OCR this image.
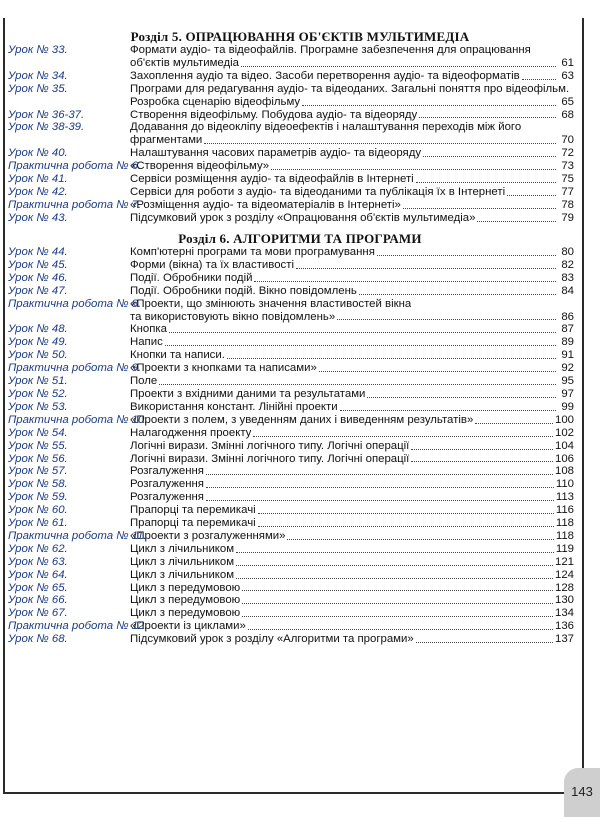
Розділ 5. ОПРАЦЮВАННЯ ОБ'ЄКТІВ МУЛЬТИМЕДІА
Урок № 33.	Формати аудіо- та відеофайлів. Програмне забезпечення для опрацювання
об'єктів мультимедіа	61
Урок № 34.	Захоплення аудіо та відео. Засоби перетворення аудіо- та відеоформатів	63
Урок № 35.	Програми для редагування аудіо- та відеоданих. Загальні поняття про відеофільм.
Розробка сценарію відеофільму	65
Урок № 36-37.	Створення відеофільму. Побудова аудіо- та відеоряду	68
Урок № 38-39.	Додавання до відеокліпу відеоефектів і налаштування переходів між його
фрагментами	70
Урок № 40.	Налаштування часових параметрів аудіо- та відеоряду	72
Практична робота № 6.
«Створення відеофільму»	73
Урок № 41.	Сервіси розміщення аудіо- та відеофайлів в Інтернеті	75
Урок № 42.	Сервіси для роботи з аудіо- та відеоданими та публікація їх в Інтернеті	77
Практична робота № 7.
«Розміщення аудіо- та відеоматеріалів в Інтернеті»	78
Урок № 43.	Підсумковий урок з розділу «Опрацювання об'єктів мультимедіа»	79
Розділ 6. АЛГОРИТМИ ТА ПРОГРАМИ
Урок № 44.	Комп'ютерні програми та мови програмування	80
Урок № 45.	Форми (вікна) та їх властивості	82
Урок № 46.	Події. Обробники подій	83
Урок № 47.	Події. Обробники подій. Вікно повідомлень	84
Практична робота № 8.
«Проекти, що змінюють значення властивостей вікна
та використовують вікно повідомлень»	86
Урок № 48.	Кнопка	87
Урок № 49.	Напис	89
Урок № 50.	Кнопки та написи.	91
Практична робота № 9.
«Проекти з кнопками та написами»	92
Урок № 51.	Поле	95
Урок № 52.	Проекти з вхідними даними та результатами	97
Урок № 53.	Використання констант. Лінійні проекти	99
Практична робота № 10.
«Проекти з полем, з уведенням даних і виведенням результатів»	100
Урок № 54.	Налагодження проекту	102
Урок № 55.	Логічні вирази. Змінні логічного типу. Логічні операції	104
Урок № 56.	Логічні вирази. Змінні логічного типу. Логічні операції	106
Урок № 57.	Розгалуження	108
Урок № 58.	Розгалуження	110
Урок № 59.	Розгалуження	113
Урок № 60.	Прапорці та перемикачі	116
Урок № 61.	Прапорці та перемикачі	118
Практична робота № 11.
«Проекти з розгалуженнями»	118
Урок № 62.	Цикл з лічильником	119
Урок № 63.	Цикл з лічильником	121
Урок № 64.	Цикл з лічильником	124
Урок № 65.	Цикл з передумовою	128
Урок № 66.	Цикл з передумовою	130
Урок № 67.	Цикл з передумовою	134
Практична робота № 12.
«Проекти із циклами»	136
Урок № 68.	Підсумковий урок з розділу «Алгоритми та програми»	137
143
